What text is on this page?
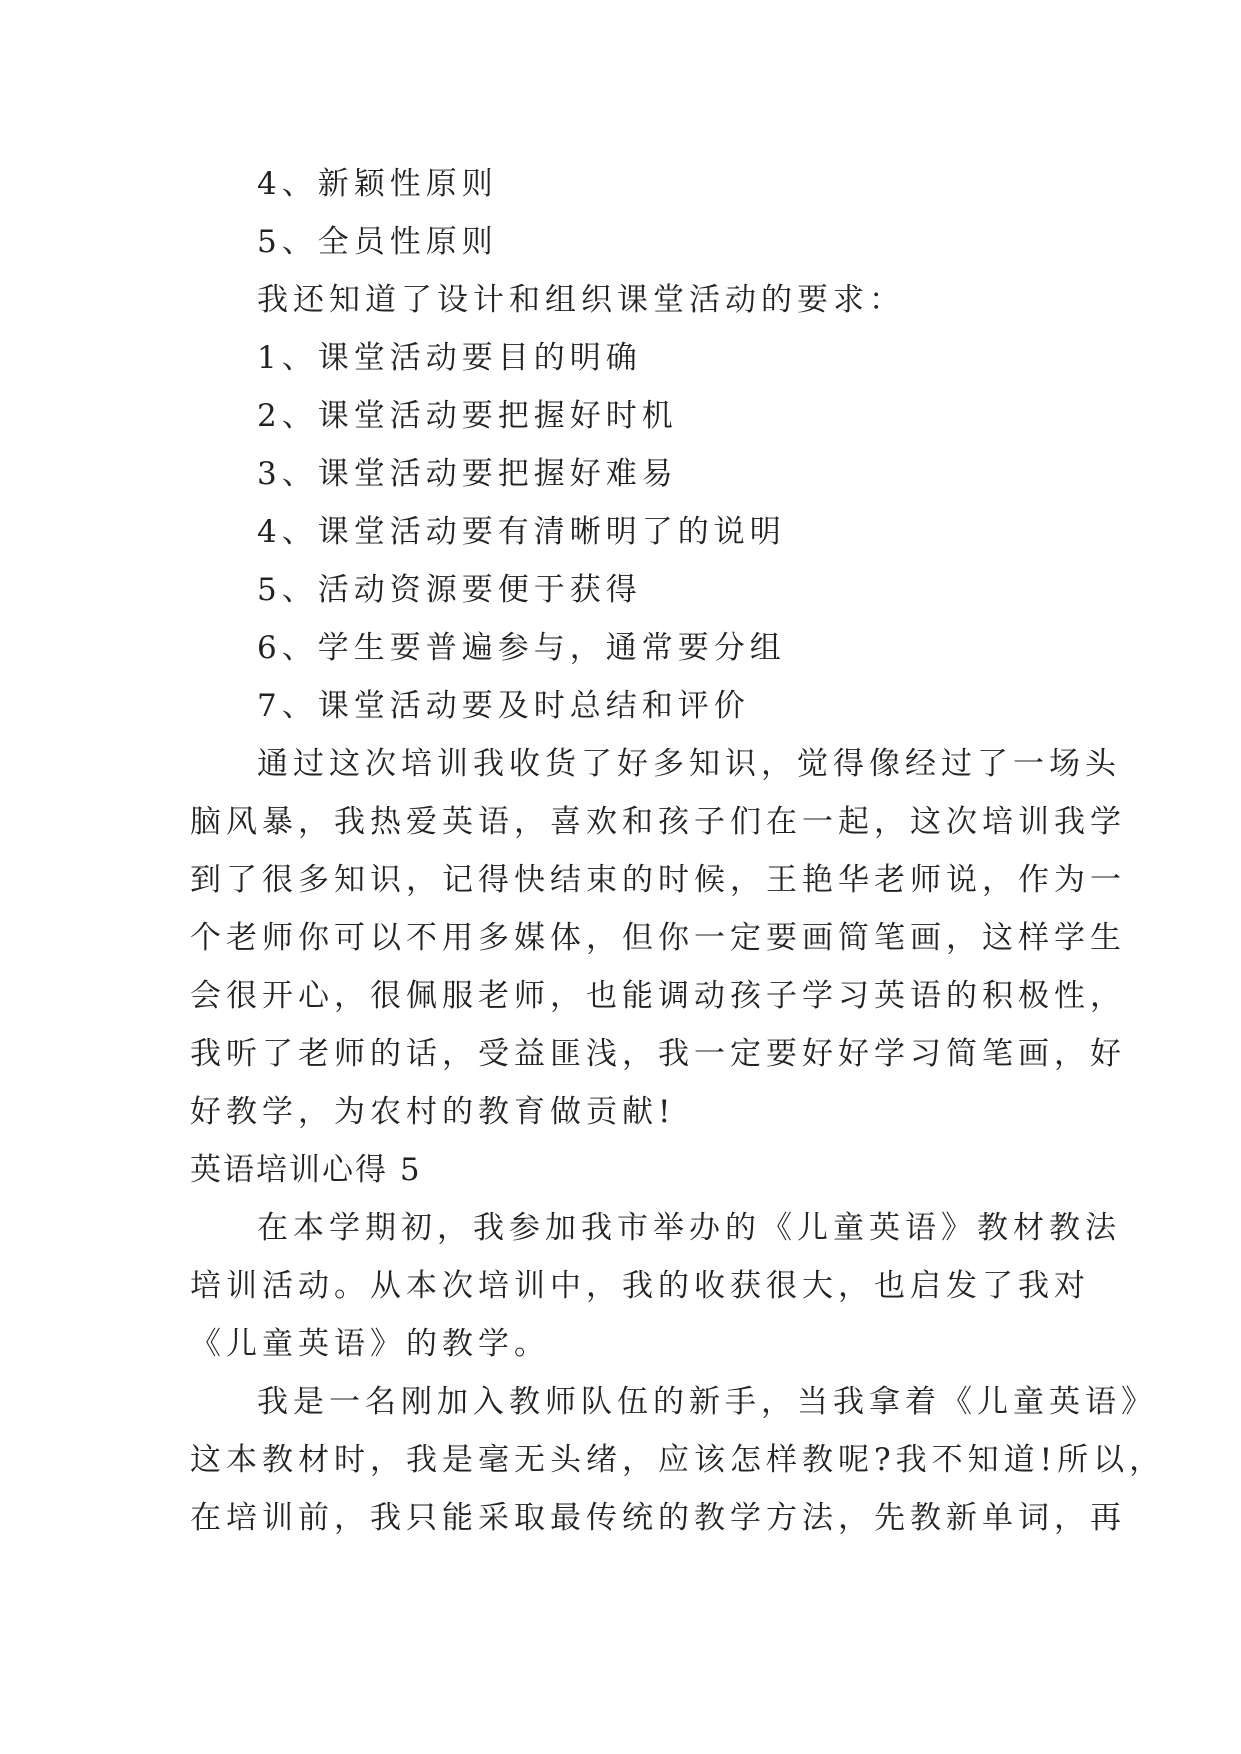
4、新颖性原则
5、全员性原则
我还知道了设计和组织课堂活动的要求：
1、课堂活动要目的明确
2、课堂活动要把握好时机
3、课堂活动要把握好难易
4、课堂活动要有清晰明了的说明
5、活动资源要便于获得
6、学生要普遍参与，通常要分组
7、课堂活动要及时总结和评价
通过这次培训我收货了好多知识，觉得像经过了一场头
脑风暴，我热爱英语，喜欢和孩子们在一起，这次培训我学
到了很多知识，记得快结束的时候，王艳华老师说，作为一
个老师你可以不用多媒体，但你一定要画简笔画，这样学生
会很开心，很佩服老师，也能调动孩子学习英语的积极性，
我听了老师的话，受益匪浅，我一定要好好学习简笔画，好
好教学，为农村的教育做贡献!
英语培训心得 5
在本学期初，我参加我市举办的《儿童英语》教材教法
培训活动。从本次培训中，我的收获很大，也启发了我对
《儿童英语》的教学。
我是一名刚加入教师队伍的新手，当我拿着《儿童英语》
这本教材时，我是毫无头绪，应该怎样教呢?我不知道!所以，
在培训前，我只能采取最传统的教学方法，先教新单词，再
